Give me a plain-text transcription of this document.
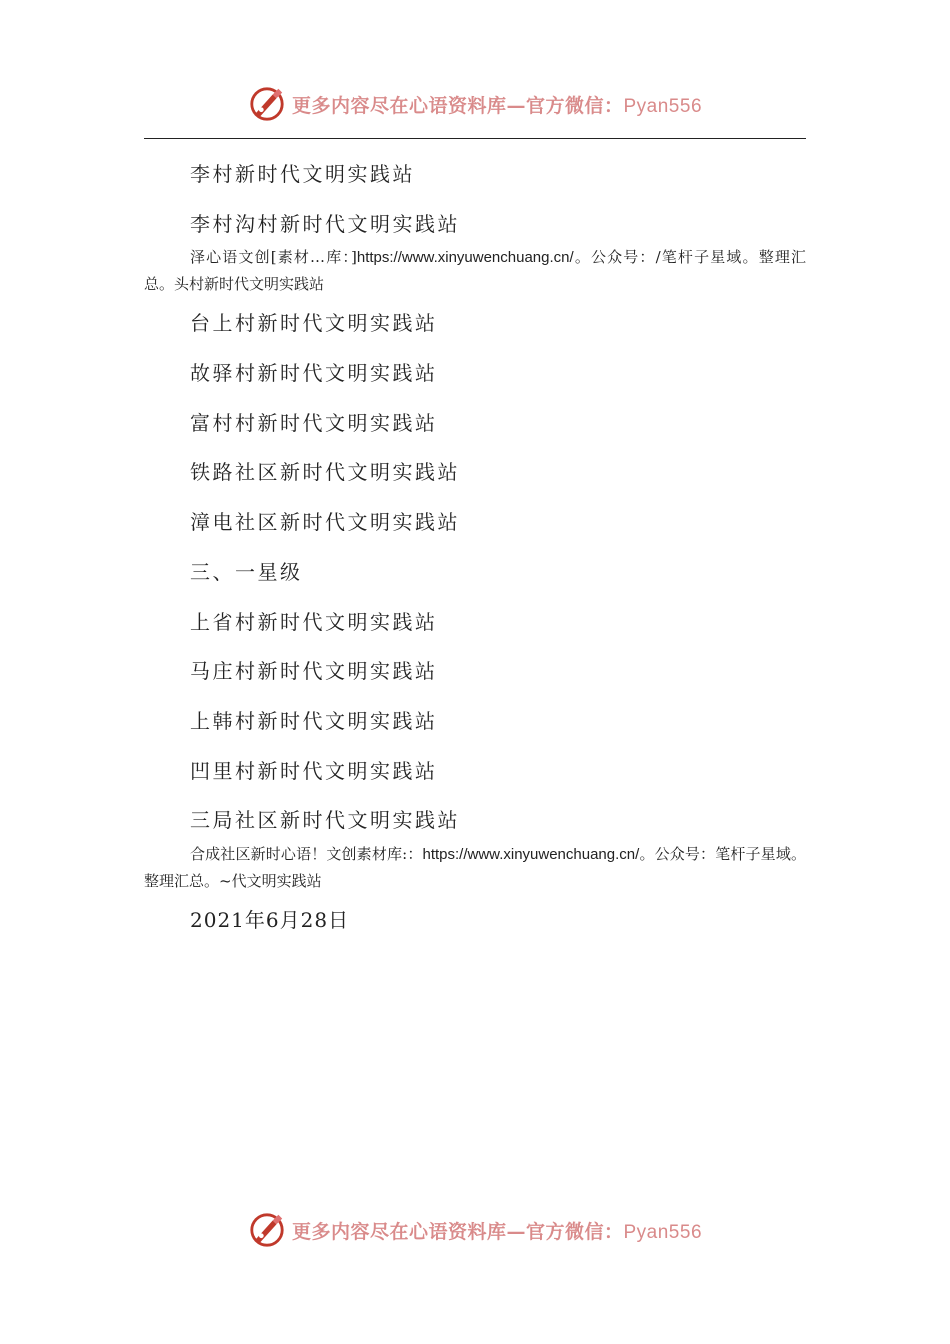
更多内容尽在心语资料库—官方微信：Pyan556
李村新时代文明实践站
李村沟村新时代文明实践站
泽心语文创[素材…库：]https://www.xinyuwenchuang.cn/。公众号：/笔杆子星域。整理汇总。头村新时代文明实践站
台上村新时代文明实践站
故驿村新时代文明实践站
富村村新时代文明实践站
铁路社区新时代文明实践站
漳电社区新时代文明实践站
三、一星级
上省村新时代文明实践站
马庄村新时代文明实践站
上韩村新时代文明实践站
凹里村新时代文明实践站
三局社区新时代文明实践站
合成社区新时心语！文创素材库:：https://www.xinyuwenchuang.cn/。公众号：笔杆子星域。整理汇总。~代文明实践站
2021年6月28日
更多内容尽在心语资料库—官方微信：Pyan556
